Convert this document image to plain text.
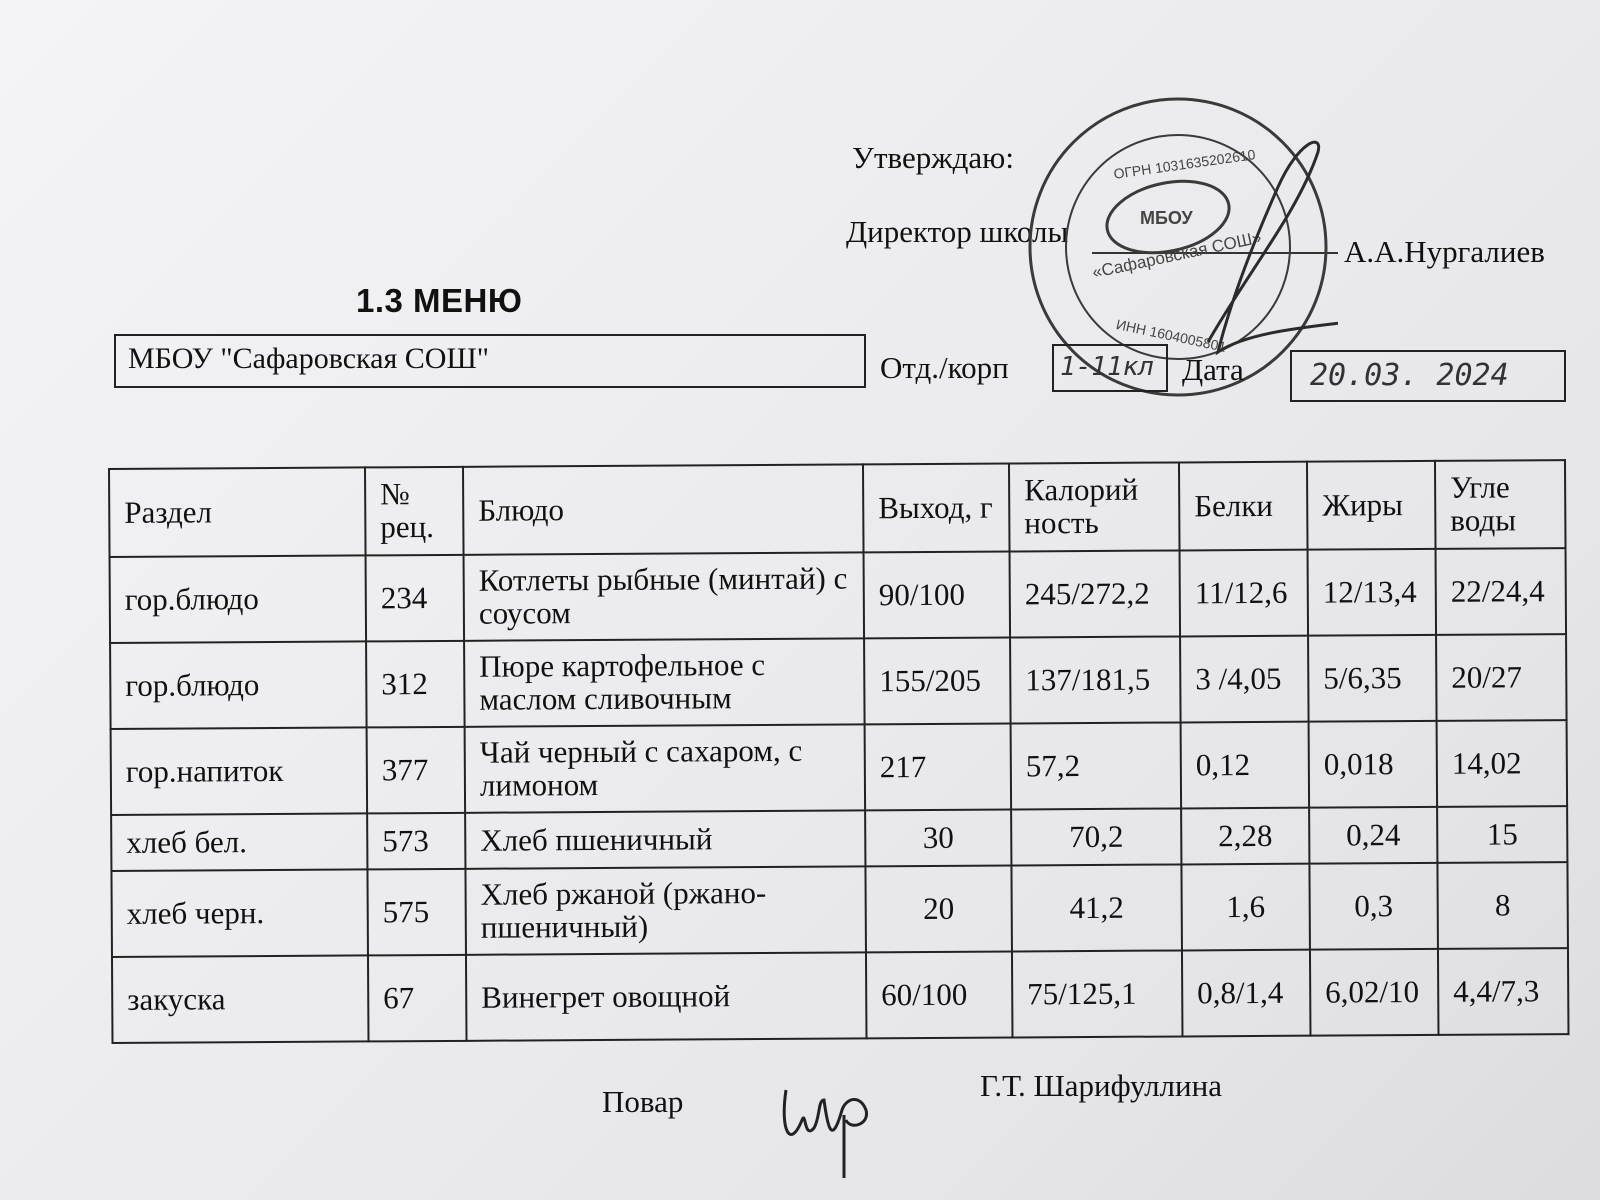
Утверждаю:
Директор школы
А.А.Нургалиев
МБОУ
«Сафаровская СОШ»
ОГРН 1031635202610
ИНН 1604005801
1.3 МЕНЮ
МБОУ "Сафаровская СОШ"	Отд./корп	1-11кл Дата	20.03. 2024
Раздел	№ рец.	Блюдо	Выход, г	Калорий ность	Белки	Жиры	Угле воды
гор.блюдо	234	Котлеты рыбные (минтай) с соусом	90/100	245/272,2	11/12,6	12/13,4	22/24,4
гор.блюдо	312	Пюре картофельное с маслом сливочным	155/205	137/181,5	3 /4,05	5/6,35	20/27
гор.напиток	377	Чай черный с сахаром, с лимоном	217	57,2	0,12	0,018	14,02
хлеб бел.	573	Хлеб пшеничный	30	70,2	2,28	0,24	15
хлеб черн.	575	Хлеб ржаной (ржано-пшеничный)	20	41,2	1,6	0,3	8
закуска	67	Винегрет овощной	60/100	75/125,1	0,8/1,4	6,02/10	4,4/7,3
Повар	Г.Т. Шарифуллина
